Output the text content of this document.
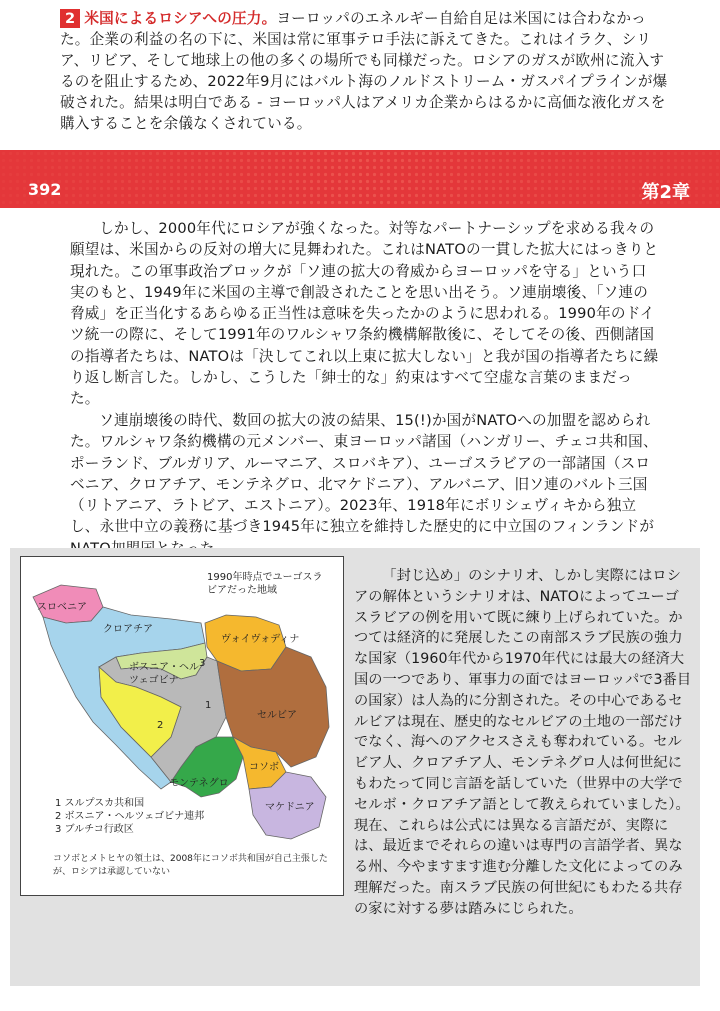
2 米国によるロシアへの圧力。ヨーロッパのエネルギー自給自足は米国には合わなかった。企業の利益の名の下に、米国は常に軍事テロ手法に訴えてきた。これはイラク、シリア、リビア、そして地球上の他の多くの場所でも同様だった。ロシアのガスが欧州に流入するのを阻止するため、2022年9月にはバルト海のノルドストリーム・ガスパイプラインが爆破された。結果は明白である - ヨーロッパ人はアメリカ企業からはるかに高価な液化ガスを購入することを余儀なくされている。
392	第2章
しかし、2000年代にロシアが強くなった。対等なパートナーシップを求める我々の願望は、米国からの反対の増大に見舞われた。これはNATOの一貫した拡大にはっきりと現れた。この軍事政治ブロックが「ソ連の拡大の脅威からヨーロッパを守る」という口実のもと、1949年に米国の主導で創設されたことを思い出そう。ソ連崩壊後、「ソ連の脅威」を正当化するあらゆる正当性は意味を失ったかのように思われる。1990年のドイツ統一の際に、そして1991年のワルシャワ条約機構解散後に、そしてその後、西側諸国の指導者たちは、NATOは「決してこれ以上東に拡大しない」と我が国の指導者たちに繰り返し断言した。しかし、こうした「紳士的な」約束はすべて空虚な言葉のままだった。
ソ連崩壊後の時代、数回の拡大の波の結果、15(!)か国がNATOへの加盟を認められた。ワルシャワ条約機構の元メンバー、東ヨーロッパ諸国（ハンガリー、チェコ共和国、ポーランド、ブルガリア、ルーマニア、スロバキア）、ユーゴスラビアの一部諸国（スロベニア、クロアチア、モンテネグロ、北マケドニア）、アルバニア、旧ソ連のバルト三国（リトアニア、ラトビア、エストニア）。2023年、1918年にボリシェヴィキから独立し、永世中立の義務に基づき1945年に独立を維持した歴史的に中立国のフィンランドが
1990年時点でユーゴスラビアだった地域
スロベニア
クロアチア
ヴォイヴォディナ
ボスニア・ヘルツェゴビナ
セルビア
モンテネグロ
コソボ
マケドニア
1
2
3
1 スルプスカ共和国
2 ボスニア・ヘルツェゴビナ連邦
3 ブルチコ行政区
コソボとメトヒヤの領土は、2008年にコソボ共和国が自己主張したが、ロシアは承認していない
「封じ込め」のシナリオ、しかし実際にはロシアの解体というシナリオは、NATOによってユーゴスラビアの例を用いて既に練り上げられていた。かつては経済的に発展したこの南部スラブ民族の強力な国家（1960年代から1970年代には最大の経済大国の一つであり、軍事力の面ではヨーロッパで3番目の国家）は人為的に分割された。その中心であるセルビアは現在、歴史的なセルビアの土地の一部だけでなく、海へのアクセスさえも奪われている。セルビア人、クロアチア人、モンテネグロ人は何世紀にもわたって同じ言語を話していた（世界中の大学でセルボ・クロアチア語として教えられていました）。現在、これらは公式には異なる言語だが、実際には、最近までそれらの違いは専門の言語学者、異なる州、今やますます進む分離した文化によってのみ理解だった。南スラブ民族の何世紀にもわたる共存の家に対する夢は踏みにじられた。
